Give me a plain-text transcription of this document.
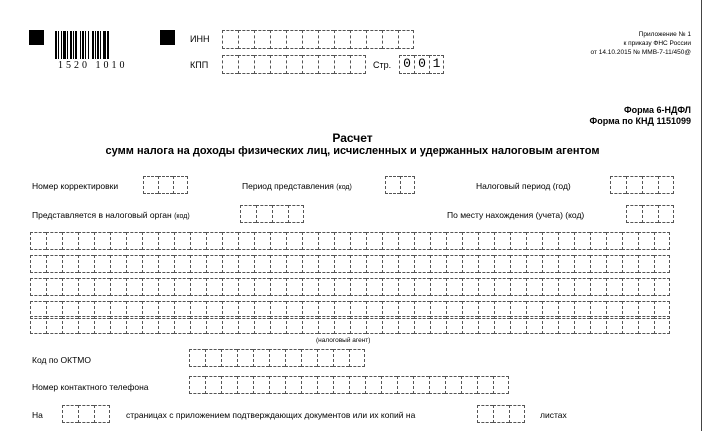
1520 1010
ИНН
КПП	Стр. 0 0 1
Приложение № 1
к приказу ФНС России
от 14.10.2015 № ММВ-7-11/450@
Форма 6-НДФЛ
Форма по КНД 1151099
Расчет
сумм налога на доходы физических лиц, исчисленных и удержанных налоговым агентом
Номер корректировки	Период представления (код)	Налоговый период (год)
Представляется в налоговый орган (код)	По месту нахождения (учета) (код)
(налоговый агент)
Код по ОКТМО
Номер контактного телефона
На	страницах с приложением подтверждающих документов или их копий на	листах
